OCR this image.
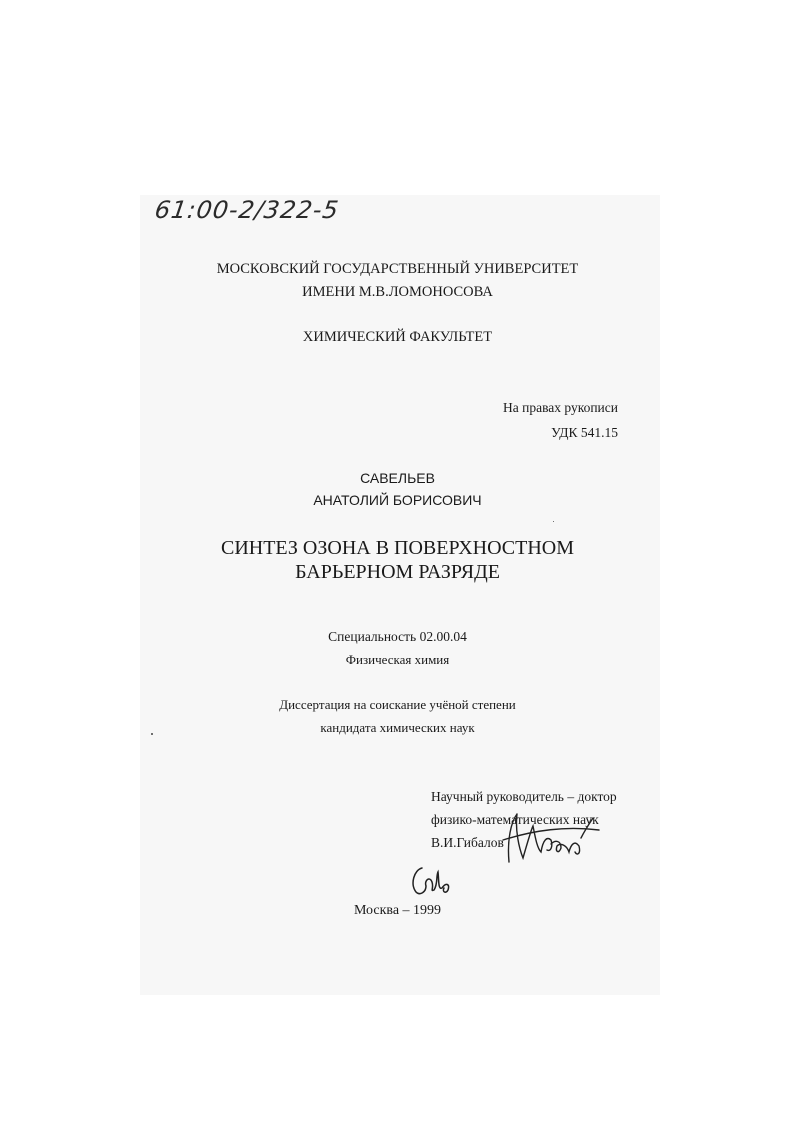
61:00-2/322-5
МОСКОВСКИЙ ГОСУДАРСТВЕННЫЙ УНИВЕРСИТЕТ
ИМЕНИ М.В.ЛОМОНОСОВА
ХИМИЧЕСКИЙ ФАКУЛЬТЕТ
На правах рукописи
УДК 541.15
САВЕЛЬЕВ
АНАТОЛИЙ БОРИСОВИЧ
СИНТЕЗ ОЗОНА В ПОВЕРХНОСТНОМ
БАРЬЕРНОМ РАЗРЯДЕ
Специальность 02.00.04
Физическая химия
Диссертация на соискание учёной степени
кандидата химических наук
Научный руководитель – доктор
физико-математических наук
В.И.Гибалов
Москва – 1999
